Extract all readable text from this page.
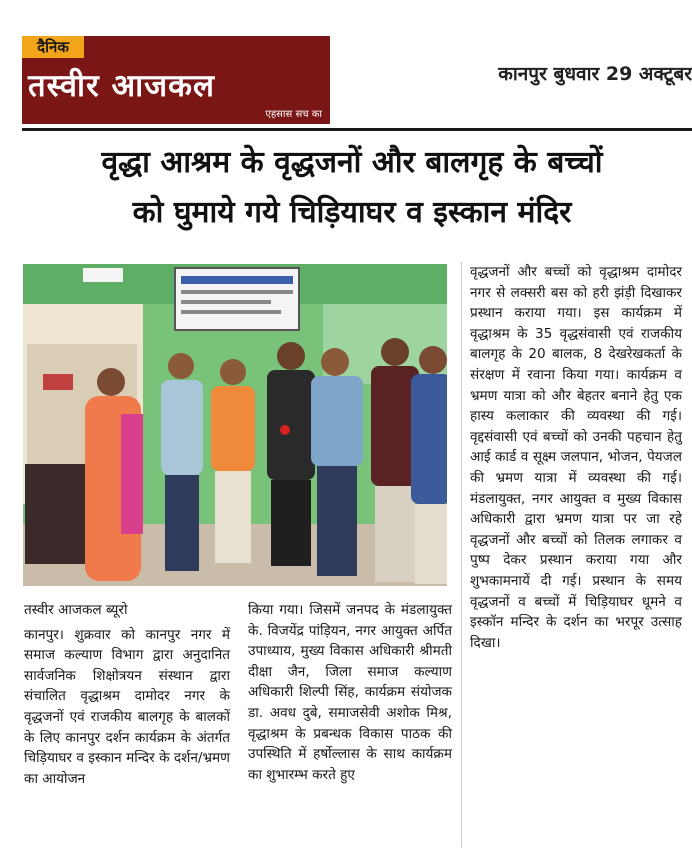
दैनिक
तस्वीर आजकल
एहसास सच का
कानपुर बुधवार 29 अक्टूबर
वृद्धा आश्रम के वृद्धजनों और बालगृह के बच्चों
को घुमाये गये चिड़ियाघर व इस्कान मंदिर
तस्वीर आजकल ब्यूरो
कानपुर। शुक्रवार को कानपुर नगर में समाज कल्याण विभाग द्वारा अनुदानित सार्वजनिक शिक्षोत्रयन संस्थान द्वारा संचालित वृद्धाश्रम दामोदर नगर के वृद्धजनों एवं राजकीय बालगृह के बालकों के लिए कानपुर दर्शन कार्यक्रम के अंतर्गत चिड़ियाघर व इस्कान मन्दिर के दर्शन/भ्रमण का आयोजन
किया गया। जिसमें जनपद के मंडलायुक्त के. विजयेंद्र पांड़ियन, नगर आयुक्त अर्पित उपाध्याय, मुख्य विकास अधिकारी श्रीमती दीक्षा जैन, जिला समाज कल्याण अधिकारी शिल्पी सिंह, कार्यक्रम संयोजक डा. अवध दुबे, समाजसेवी अशोक मिश्र, वृद्धाश्रम के प्रबन्धक विकास पाठक की उपस्थिति में हर्षोल्लास के साथ कार्यक्रम का शुभारम्भ करते हुए
वृद्धजनों और बच्चों को वृद्धाश्रम दामोदर नगर से लक्सरी बस को हरी झंड़ी दिखाकर प्रस्थान कराया गया। इस कार्यक्रम में वृद्धाश्रम के 35 वृद्धसंवासी एवं राजकीय बालगृह के 20 बालक, 8 देखरेखकर्ता के संरक्षण में रवाना किया गया। कार्यक्रम व भ्रमण यात्रा को और बेहतर बनाने हेतु एक हास्य कलाकार की व्यवस्था की गई। वृद्दसंवासी एवं बच्चों को उनकी पहचान हेतु आई कार्ड व सूक्ष्म जलपान, भोजन, पेयजल की भ्रमण यात्रा में व्यवस्था की गई।मंडलायुक्त, नगर आयुक्त व मुख्य विकास अधिकारी द्वारा भ्रमण यात्रा पर जा रहे वृद्धजनों और बच्चों को तिलक लगाकर व पुष्प देकर प्रस्थान कराया गया और शुभकामनायें दी गई। प्रस्थान के समय वृद्धजनों व बच्चों में चिड़ियाघर धूमने व इस्कॉन मन्दिर के दर्शन का भरपूर उत्साह दिखा।
